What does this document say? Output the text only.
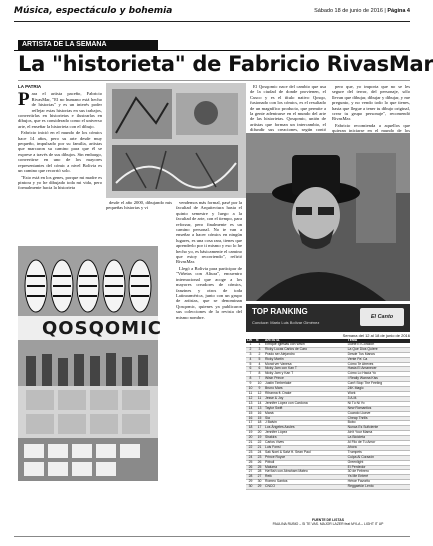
Música, espectáculo y bohemia	Sábado 18 de junio de 2016 | Página 4
ARTISTA DE LA SEMANA
La "historieta" de Fabricio RivasMar
LA PATRIA
P ara el artista paceño, Fabricio RivasMar, "El no humano está hecho de historias" y es un interés poder reflejar estas historias en sus trabajos, convertirlas en historietas e ilustrarlas en dibujos, que es considerado como el universo arte, el enseñar la historieta con el dibujo.

Fabricio inició en el mundo de los cómics hace 14 años, pero su arte desde muy pequeño, impulsado por su familia, artistas que marcaron su camino para que él se exprese a través de sus dibujos. Sin embargo, convertirse en uno de los mayores representantes del cómic a nivel Bolivia es un camino que recorrió solo.

"Esto está en los genes, porque mi madre es pintora y yo he dibujado toda mi vida, pero formalmente hacia la historieta

desde el año 2000, dibujando mis pequeñas historias y vi

vendemos más formal, pasé por la facultad de Arquitectura hasta el quinto semestre y luego a la facultad de arte, con el tiempo, para reforzar, pero finalmente es un camino personal. No te van a enseñar a hacer cómics en ningún lugares, es una cosa rara, tienes que aprenderlo por ti mismo y eso lo he hecho yo, es básicamente el camino que estoy recorriendo", refirió RivasMar.

Llegó a Bolivia para participar de "Viñetas con Altura", encuentro internacional que acoge a los mayores creadores de cómics, fanzines y otros de toda Latinoamérica, junto con un grupo de artistas, que se denominan Qosqomic, quienes ya publicaron sus colecciones de la revista del mismo nombre.

El Qosqomic nace del cambio que usa de la ciudad de donde provienen, el Cusco y es el título nativo Qosqo, fusionado con los cómics, es el resultado de un magnífico producto, que permite a la gente adentrarse en el mundo del arte de las historietas. Qosqomic, unión de artistas que forman un intercambio, el difundir sus creaciones, según contó

pero que, yo importa que no se les segure del terror, del personaje, sólo llevan que dibujar, dibujar y dibujar, y me pregunto, y no vendo todo lo que tienes, hasta que llegue a tener tu dibujo original, crear tu grupo personaje", recomendó RivasMar.

Fabricio recomienda a aquellos que quieran iniciarse en el mundo de los

QOSQOMIC
TOP RANKING
Conduce: Mario Luis Bolívar Giménez
El Canto
Semana del 12 al 18 de junio de 2016
LW	N	ARTISTA	TEMA
1	1	Enrique Iglesias con Wisin	Duele El Corazón
2	3	Ricky Lucas Carlos de Caro	La Que Dios Quiere
3	2	Prado ser Alejandro	Desde Tus Manos
4	5	Ricky Martin	Vente Pa' Ca
5	4	Morat ver Vanesa	Cómo Te Atreves
6	6	Nicky Jam con Kan T	Hasta El Amanecer
7	8	Nicky Jam y Kan T	Cómo Lo Hacía Yo
8	7	Wisin Prince	I Really Wanna Kiss
9	10	Justin Timberlake	Can't Stop The Feeling
10	9	Bruno Mars	24K Magic
11	12	Rihanna ft. Drake	Work
12	11	Jesse & Joy	3 A.M.
13	14	Jennifer López con Cardona	Ni Tú Ni Yo
14	13	Taylor Swift	New Romantics
15	16	Maná	Cuando Llueve
16	15	Sia	Cheap Thrills
17	18	J Balvin	Bobo
18	17	Los Ángeles Azules	Nunca Es Suficiente
19	20	Jennifer López	Ain't Your Mama
20	19	Shakira	La Bicicleta
21	22	Carlos Vives	Al Filo de Tu Amor
22	21	Luis Fonsi	Ahora
23	24	Sak Noel & Salvi ft. Sean Paul	Trumpets
24	23	Prince Royce	Culpa Al Corazón
25	26	Pitbull	Greenlight
26	25	Maluma	El Perdedor
27	28	Ha*Ash con Abraham Mateo	30 de Febrero
28	27	Reik	Ya Me Enteré
29	30	Romeo Santos	Héroe Favorito
30	29	CNCO	Reggaetón Lento
FUENTE DE LISTAS
PAULINA RUBIO – SI TE VAS. MAJOR LAZER feat MYLA – LIGHT IT UP
